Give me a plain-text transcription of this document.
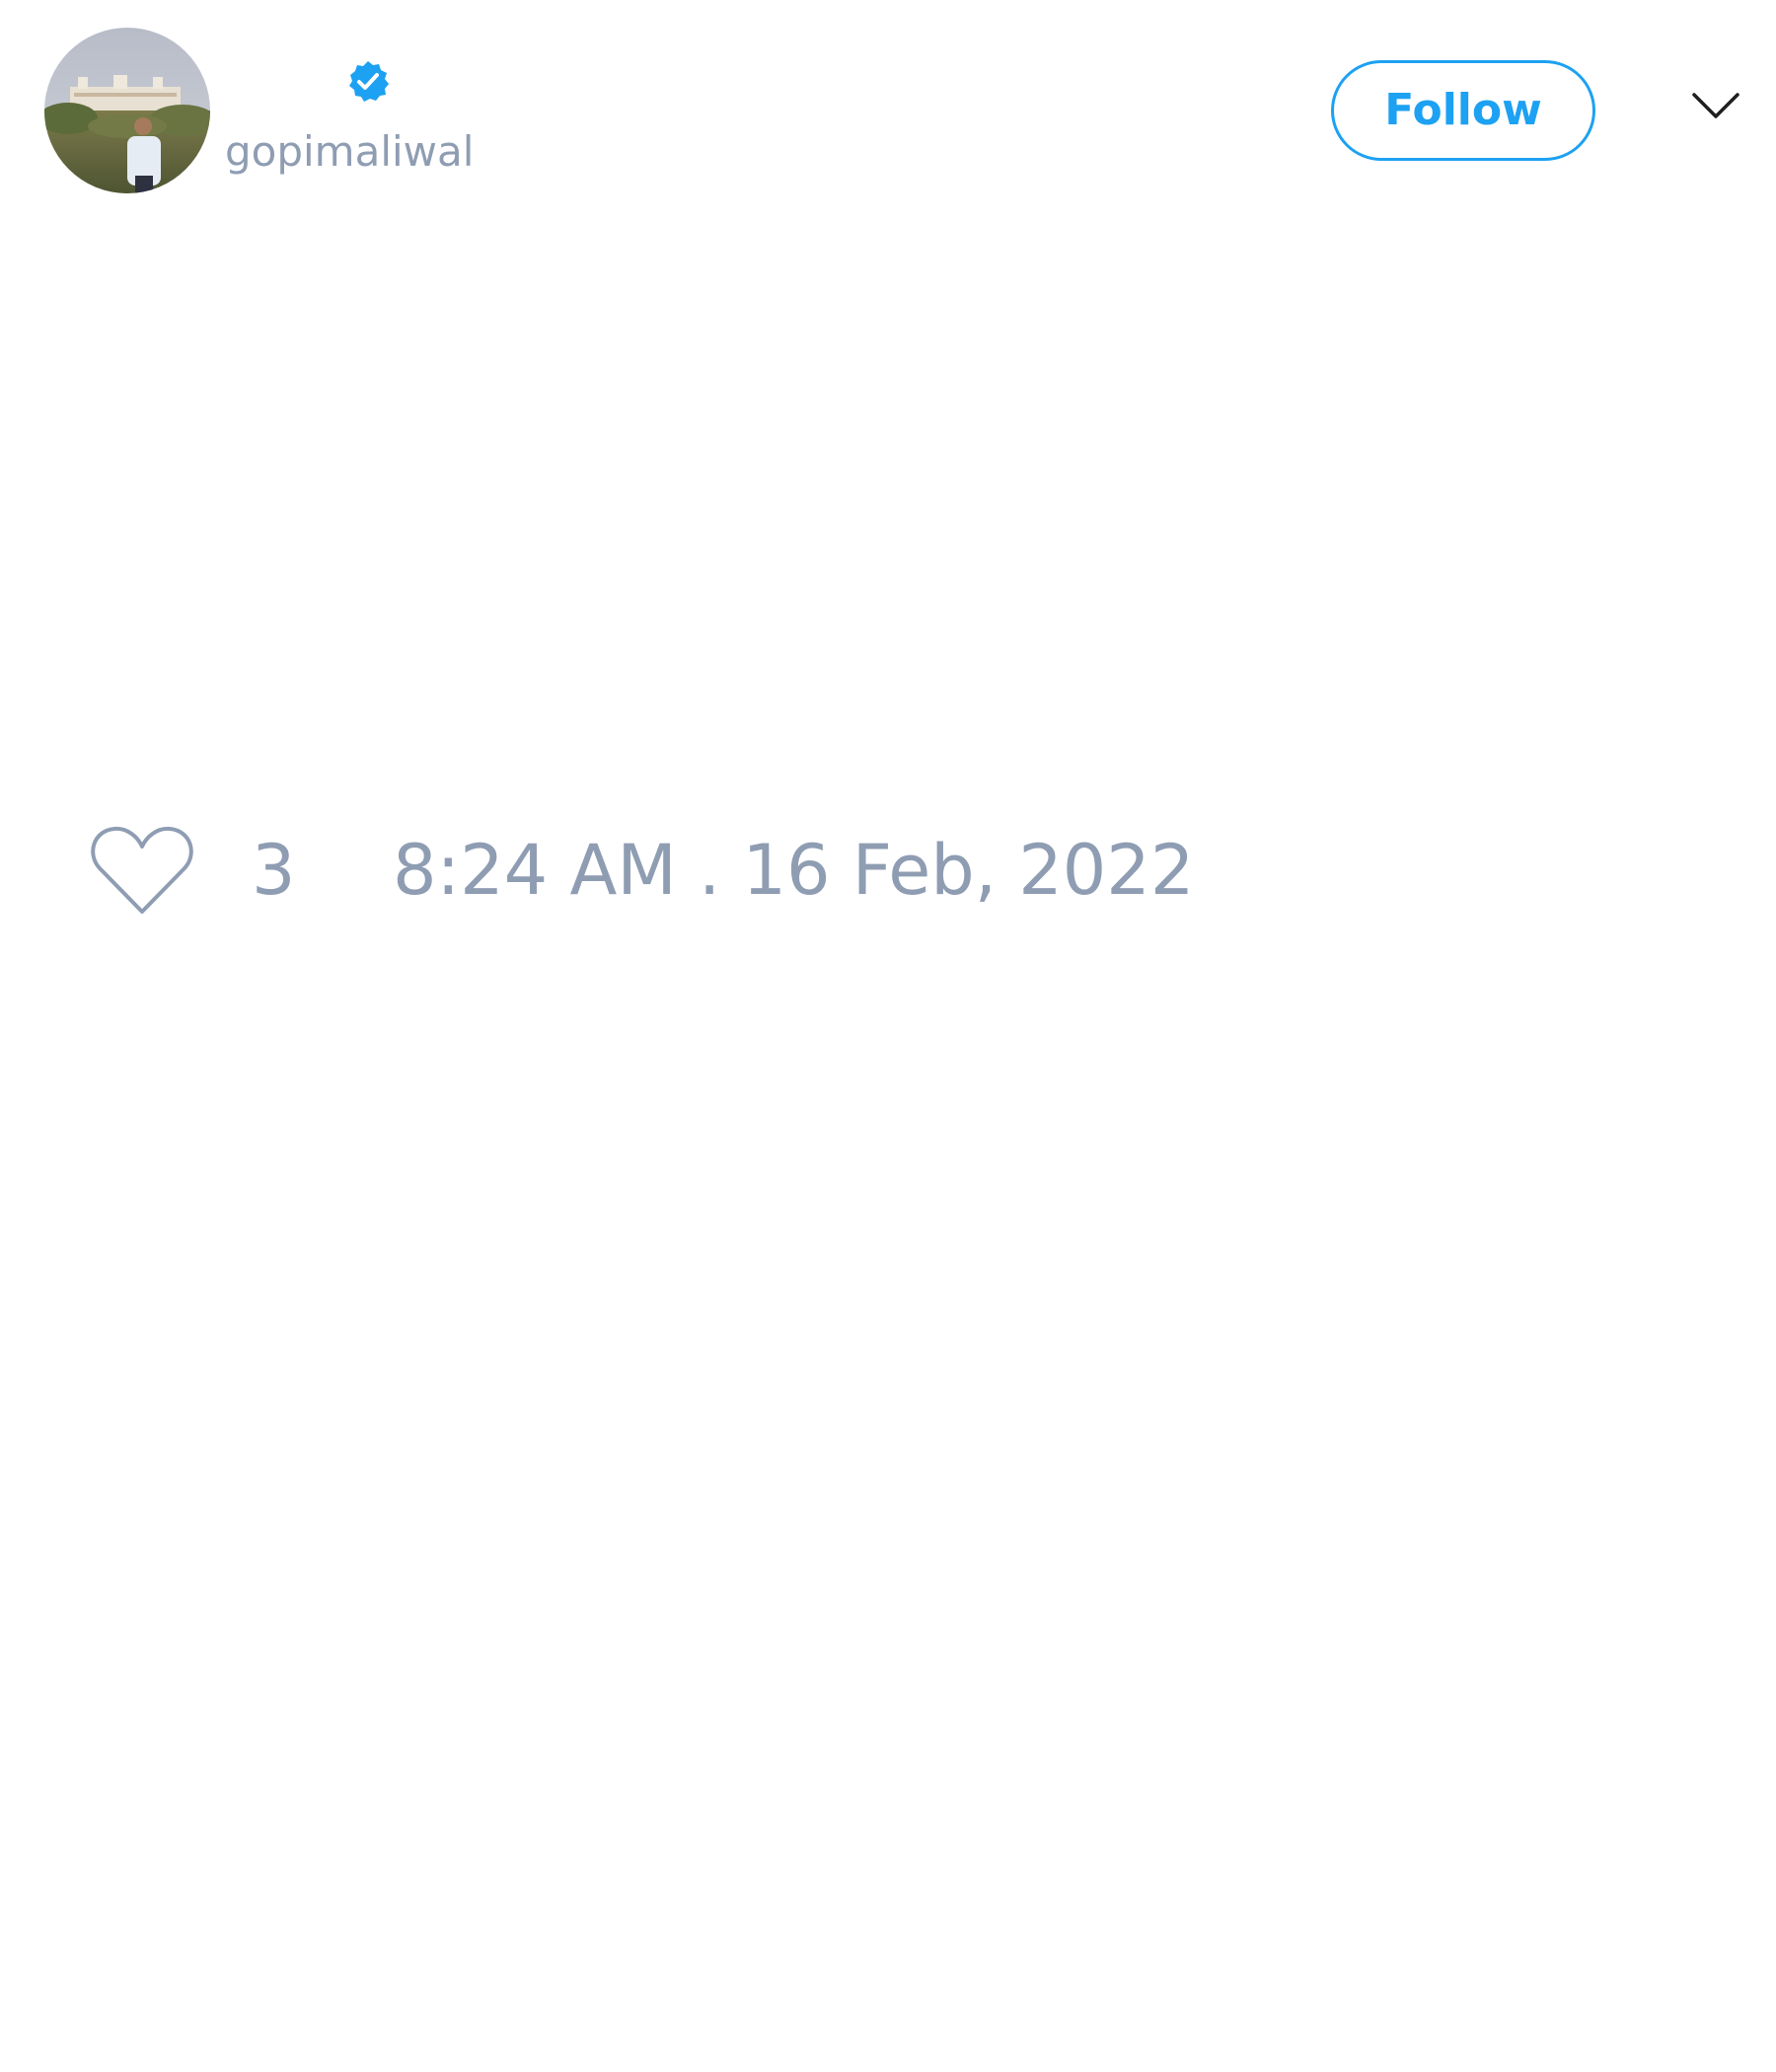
gopimaliwal
Follow
3 8:24 AM . 16 Feb, 2022
